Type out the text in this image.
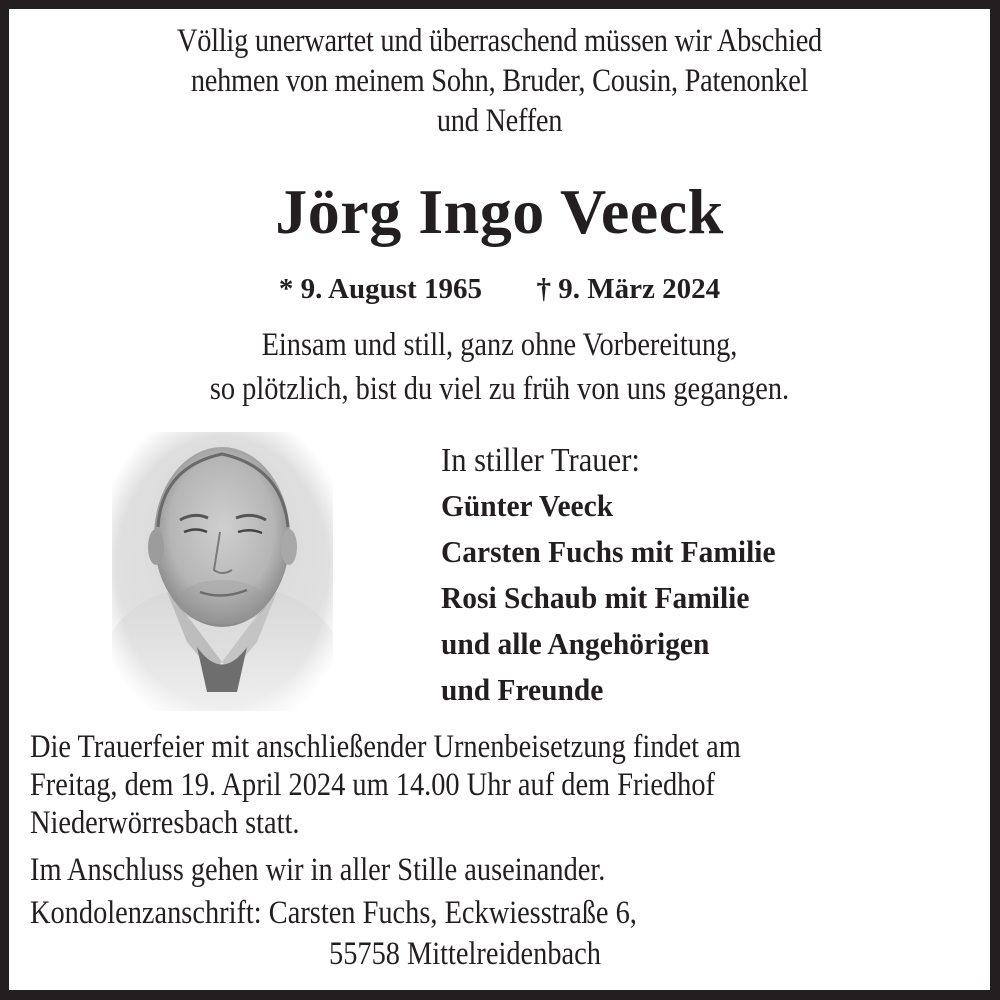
Völlig unerwartet und überraschend müssen wir Abschied
nehmen von meinem Sohn, Bruder, Cousin, Patenonkel
und Neffen
Jörg Ingo Veeck
* 9. August 1965 † 9. März 2024
Einsam und still, ganz ohne Vorbereitung,
so plötzlich, bist du viel zu früh von uns gegangen.
In stiller Trauer:
Günter Veeck
Carsten Fuchs mit Familie
Rosi Schaub mit Familie
und alle Angehörigen
und Freunde
Die Trauerfeier mit anschließender Urnenbeisetzung findet am
Freitag, dem 19. April 2024 um 14.00 Uhr auf dem Friedhof
Niederwörresbach statt.
Im Anschluss gehen wir in aller Stille auseinander.
Kondolenzanschrift: Carsten Fuchs, Eckwiesstraße 6,
55758 Mittelreidenbach
